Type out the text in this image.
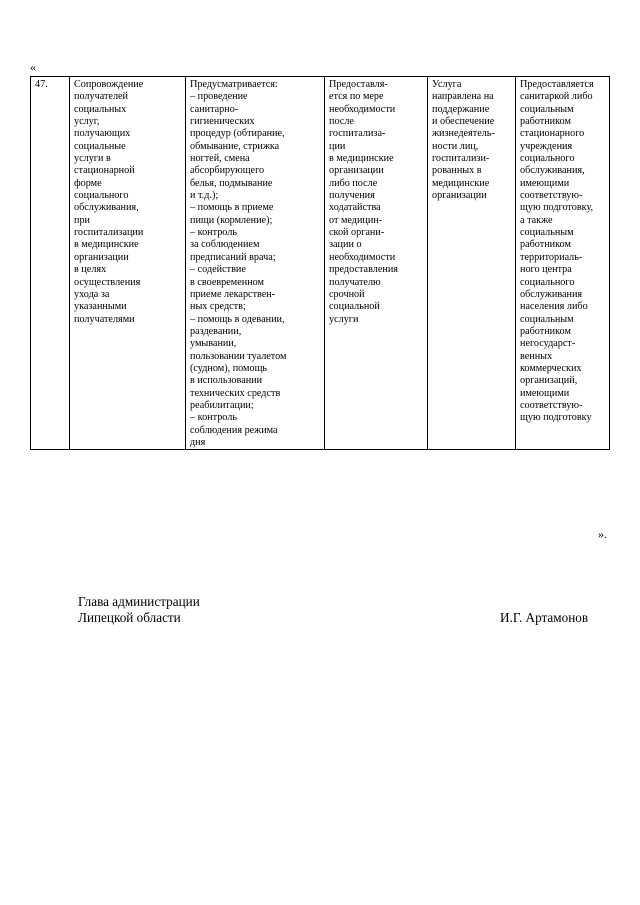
«
47.	Сопровождение
получателей
социальных
услуг,
получающих
социальные
услуги в
стационарной
форме
социального
обслуживания,
при
госпитализации
в медицинские
организации
в целях
осуществления
ухода за
указанными
получателями	Предусматривается:
– проведение
санитарно-
гигиенических
процедур (обтирание,
обмывание, стрижка
ногтей, смена
абсорбирующего
белья, подмывание
и т.д.);
– помощь в приеме
пищи (кормление);
– контроль
за соблюдением
предписаний врача;
– содействие
в своевременном
приеме лекарствен-
ных средств;
– помощь в одевании,
раздевании,
умывании,
пользовании туалетом
(судном), помощь
в использовании
технических средств
реабилитации;
– контроль
соблюдения режима
дня	Предоставля-
ется по мере
необходимости
после
госпитализа-
ции
в медицинские
организации
либо после
получения
ходатайства
от медицин-
ской органи-
зации о
необходимости
предоставления
получателю
срочной
социальной
услуги	Услуга
направлена на
поддержание
и обеспечение
жизнедеятель-
ности лиц,
госпитализи-
рованных в
медицинские
организации	Предоставляется
санитаркой либо
социальным
работником
стационарного
учреждения
социального
обслуживания,
имеющими
соответствую-
щую подготовку,
а также
социальным
работником
территориаль-
ного центра
социального
обслуживания
населения либо
социальным
работником
негосударст-
венных
коммерческих
организаций,
имеющими
соответствую-
щую подготовку
».
Глава администрации
Липецкой области	И.Г. Артамонов
